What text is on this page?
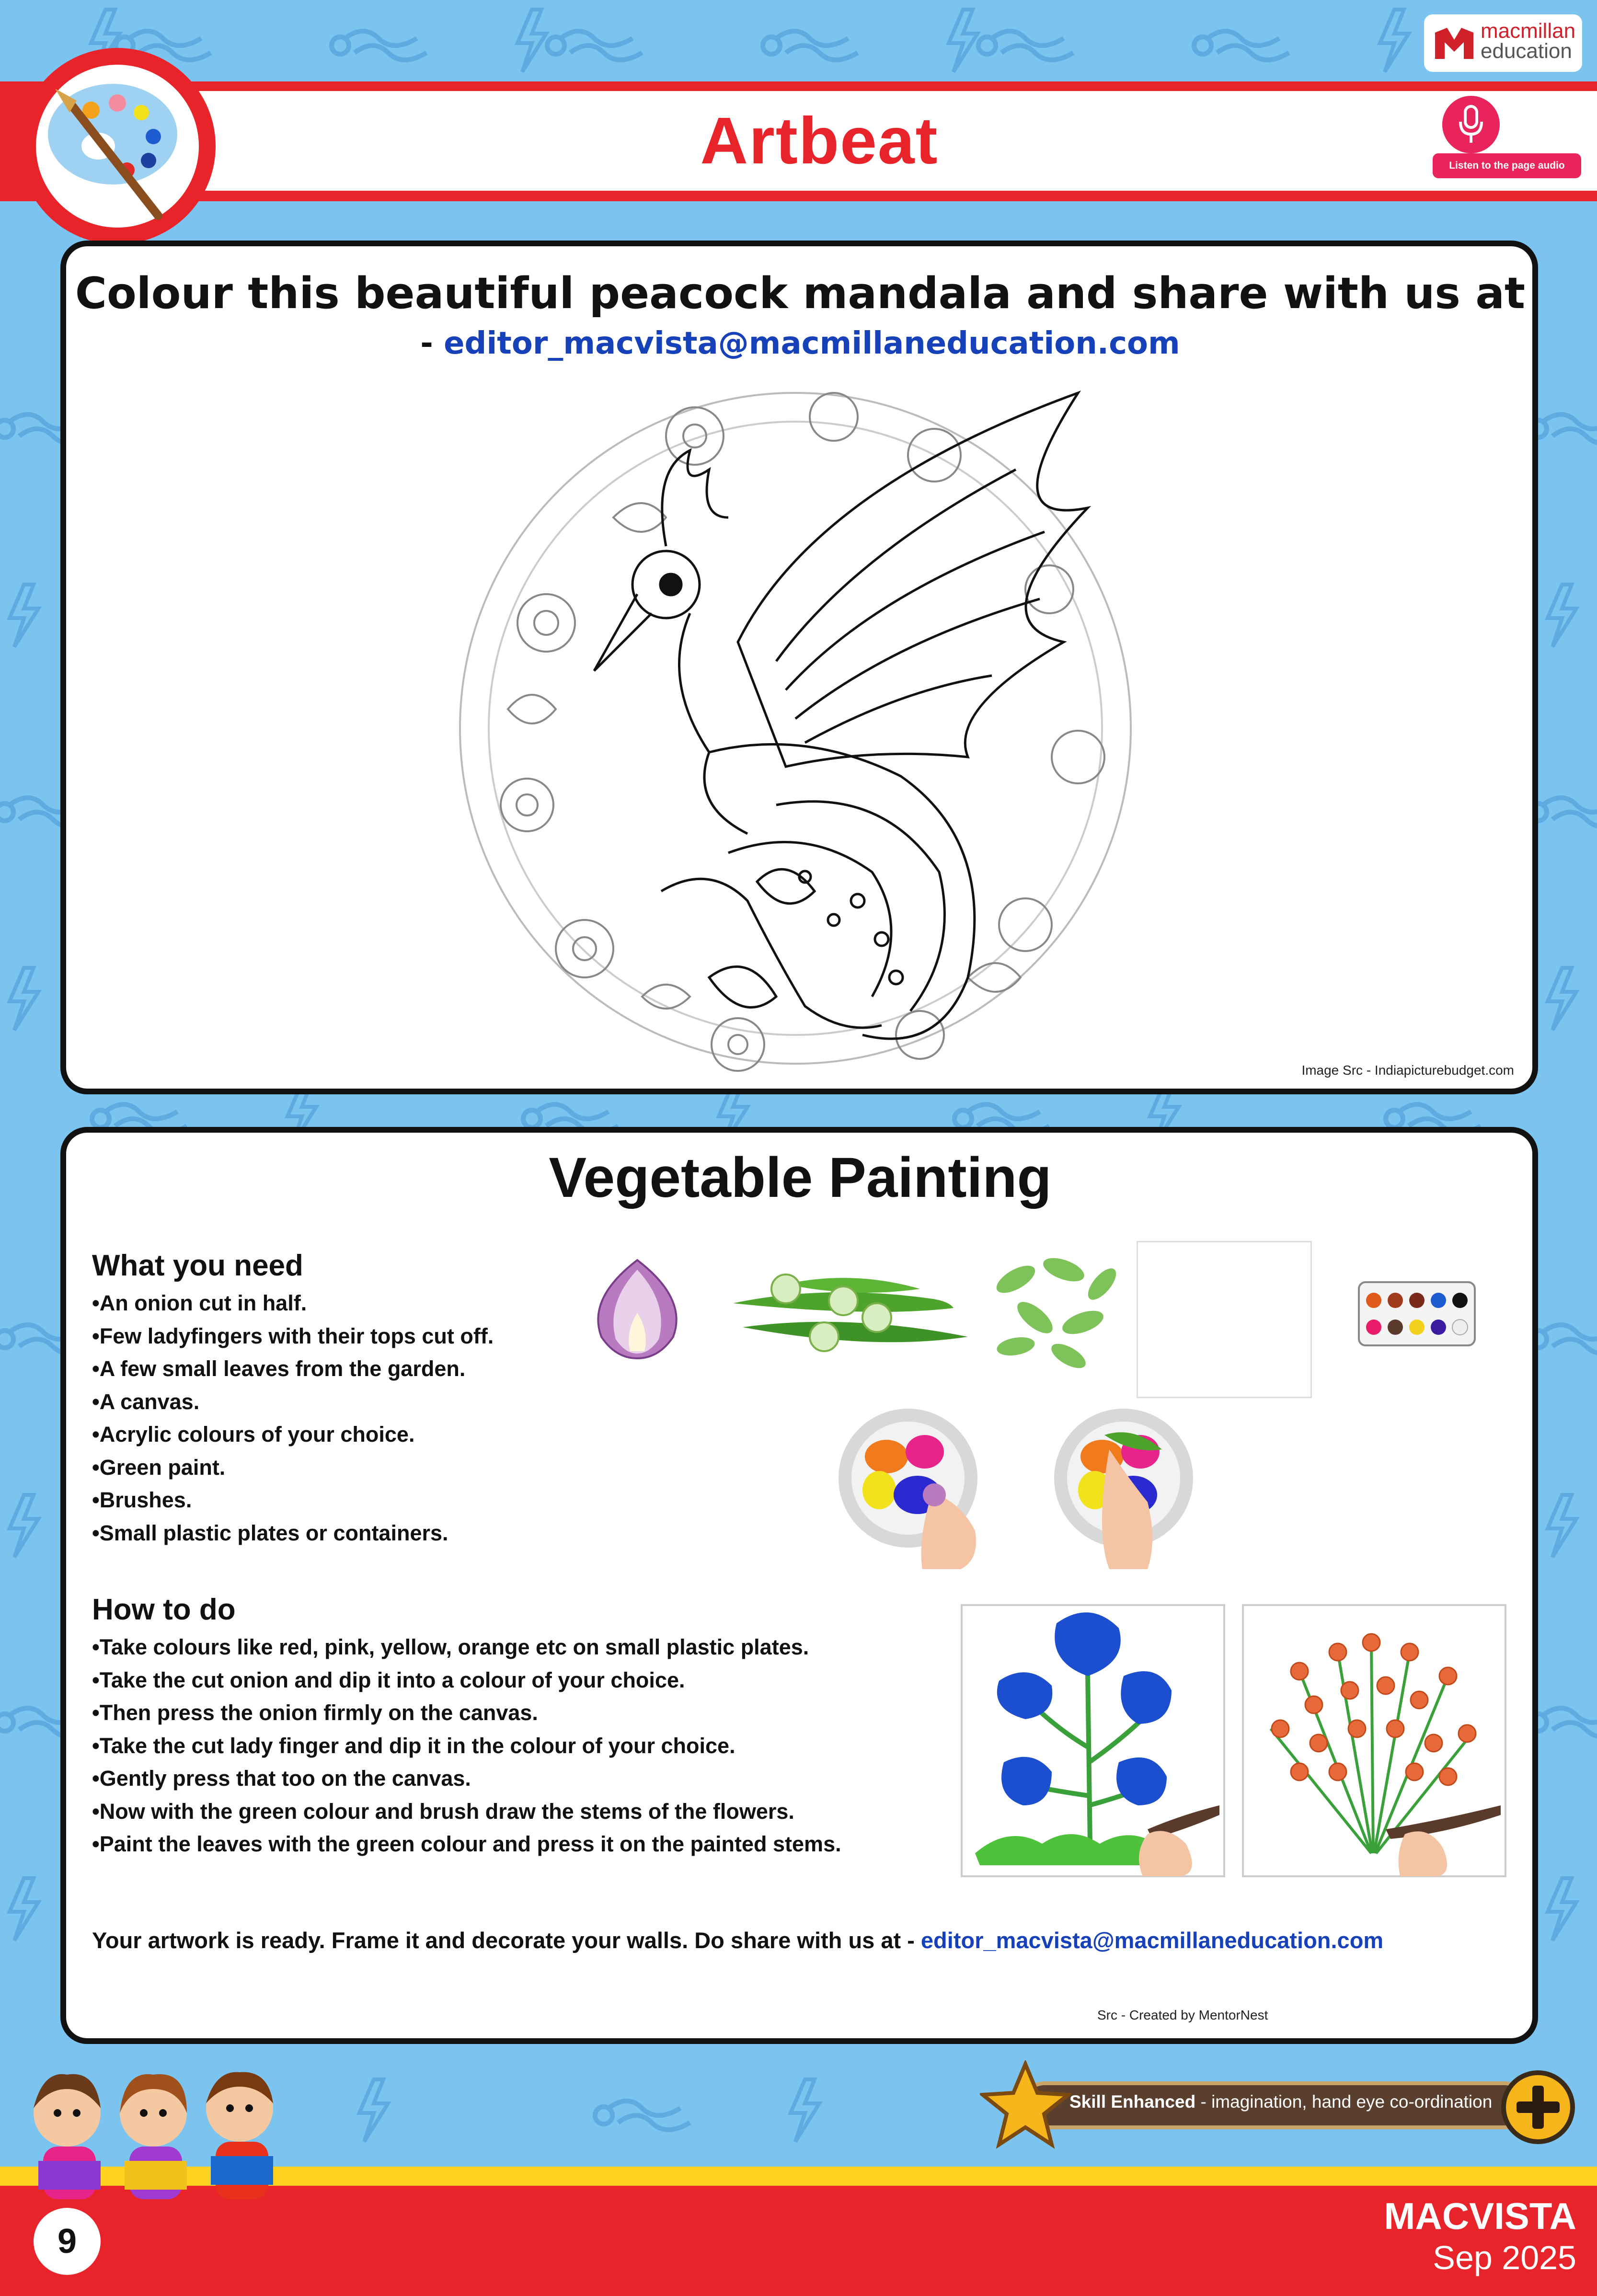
Artbeat
macmillan
education
Listen to the page audio
Colour this beautiful peacock mandala and share with us at
- editor_macvista@macmillaneducation.com
Image Src - Indiapicturebudget.com
Vegetable Painting
What you need
•An onion cut in half.
•Few ladyfingers with their tops cut off.
•A few small leaves from the garden.
•A canvas.
•Acrylic colours of your choice.
•Green paint.
•Brushes.
•Small plastic plates or containers.
How to do
•Take colours like red, pink, yellow, orange etc on small plastic plates.
•Take the cut onion and dip it into a colour of your choice.
•Then press the onion firmly on the canvas.
•Take the cut lady finger and dip it in the colour of your choice.
•Gently press that too on the canvas.
•Now with the green colour and brush draw the stems of the flowers.
•Paint the leaves with the green colour and press it on the painted stems.
Your artwork is ready. Frame it and decorate your walls. Do share with us at - editor_macvista@macmillaneducation.com
Src - Created by MentorNest
9
MACVISTA
Sep 2025
Skill Enhanced - imagination, hand eye co-ordination
